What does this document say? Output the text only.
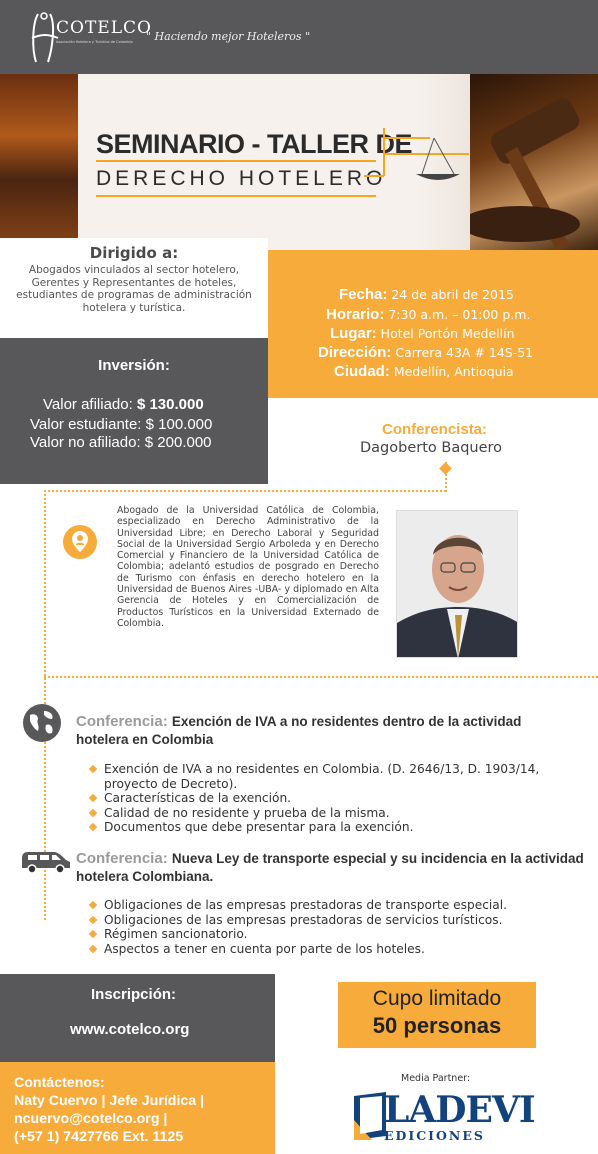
COTELCO
Asociación Hotelera y Turística de Colombia	" Haciendo mejor Hoteleros "
SEMINARIO - TALLER DE
DERECHO HOTELERO
Dirigido a:
Abogados vinculados al sector hotelero, Gerentes y Representantes de hoteles, estudiantes de programas de administración hotelera y turística.
Fecha: 24 de abril de 2015
Horario: 7:30 a.m. – 01:00 p.m.
Lugar: Hotel Portón Medellín
Dirección: Carrera 43A # 14S-51
Ciudad: Medellín, Antioquia
Inversión:
Valor afiliado: $ 130.000
Valor estudiante: $ 100.000
Valor no afiliado: $ 200.000
Conferencista:
Dagoberto Baquero
Abogado de la Universidad Católica de Colombia, especializado en Derecho Administrativo de la Universidad Libre; en Derecho Laboral y Seguridad Social de la Universidad Sergio Arboleda y en Derecho Comercial y Financiero de la Universidad Católica de Colombia; adelantó estudios de posgrado en Derecho de Turismo con énfasis en derecho hotelero en la Universidad de Buenos Aires -UBA- y diplomado en Alta Gerencia de Hoteles y en Comercialización de Productos Turísticos en la Universidad Externado de Colombia.
Conferencia: Exención de IVA a no residentes dentro de la actividad hotelera en Colombia
Exención de IVA a no residentes en Colombia. (D. 2646/13, D. 1903/14, proyecto de Decreto).
Características de la exención.
Calidad de no residente y prueba de la misma.
Documentos que debe presentar para la exención.
Conferencia: Nueva Ley de transporte especial y su incidencia en la actividad hotelera Colombiana.
Obligaciones de las empresas prestadoras de transporte especial.
Obligaciones de las empresas prestadoras de servicios turísticos.
Régimen sancionatorio.
Aspectos a tener en cuenta por parte de los hoteles.
Inscripción:
www.cotelco.org
Cupo limitado
50 personas
Contáctenos:
Naty Cuervo | Jefe Jurídica |
ncuervo@cotelco.org |
(+57 1) 7427766 Ext. 1125
Media Partner:
LADEVI
EDICIONES
